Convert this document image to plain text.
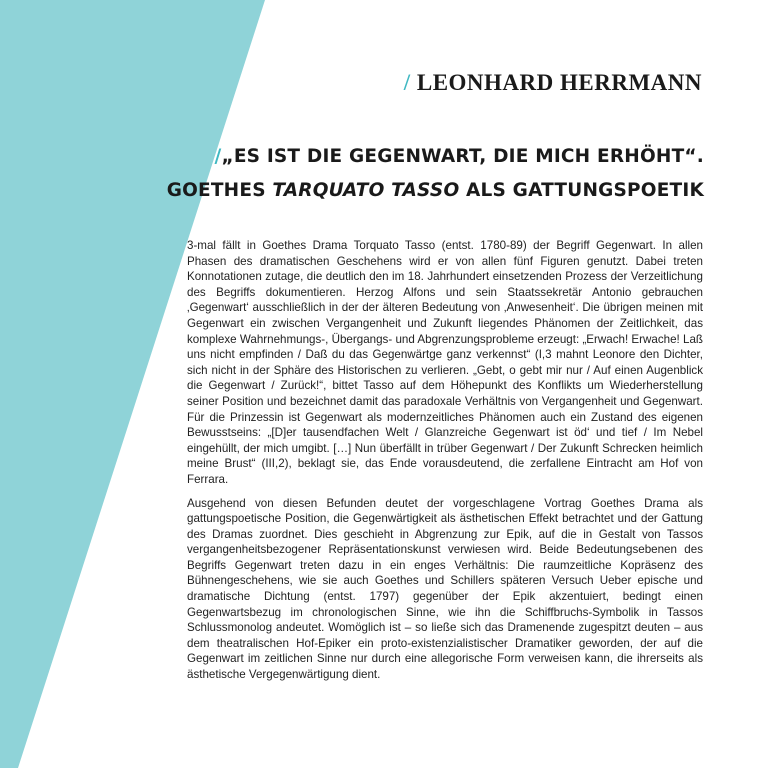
/ LEONHARD HERRMANN
/„ES IST DIE GEGENWART, DIE MICH ERHÖHT“.
GOETHES TARQUATO TASSO ALS GATTUNGSPOETIK

3-mal fällt in Goethes Drama Torquato Tasso (entst. 1780-89) der Begriff Gegenwart. In allen Phasen des dramatischen Geschehens wird er von allen fünf Figuren genutzt. Dabei treten Konnotationen zutage, die deutlich den im 18. Jahrhundert einsetzenden Prozess der Verzeitlichung des Begriffs dokumentieren. Herzog Alfons und sein Staatssekretär Antonio gebrauchen ‚Gegenwart‘ ausschließlich in der der älteren Bedeutung von ‚Anwesenheit‘. Die übrigen meinen mit Gegenwart ein zwischen Vergangenheit und Zukunft liegendes Phänomen der Zeitlichkeit, das komplexe Wahrnehmungs-, Übergangs- und Abgrenzungsprobleme erzeugt: „Erwach! Erwache! Laß uns nicht empfinden / Daß du das Gegenwärtge ganz verkennst“ (I,3 mahnt Leonore den Dichter, sich nicht in der Sphäre des Historischen zu verlieren. „Gebt, o gebt mir nur / Auf einen Augenblick die Gegenwart / Zurück!“, bittet Tasso auf dem Höhepunkt des Konflikts um Wiederherstellung seiner Position und bezeichnet damit das paradoxale Verhältnis von Vergangenheit und Gegenwart. Für die Prinzessin ist Gegenwart als modernzeitliches Phänomen auch ein Zustand des eigenen Bewusstseins: „[D]er tausendfachen Welt / Glanzreiche Gegenwart ist öd‘ und tief / Im Nebel eingehüllt, der mich umgibt. […] Nun überfällt in trüber Gegenwart / Der Zukunft Schrecken heimlich meine Brust“ (III,2), beklagt sie, das Ende vorausdeutend, die zerfallene Eintracht am Hof von Ferrara.

Ausgehend von diesen Befunden deutet der vorgeschlagene Vortrag Goethes Drama als gattungspoetische Position, die Gegenwärtigkeit als ästhetischen Effekt betrachtet und der Gattung des Dramas zuordnet. Dies geschieht in Abgrenzung zur Epik, auf die in Gestalt von Tassos vergangenheitsbezogener Repräsentationskunst verwiesen wird. Beide Bedeutungsebenen des Begriffs Gegenwart treten dazu in ein enges Verhältnis: Die raumzeitliche Kopräsenz des Bühnengeschehens, wie sie auch Goethes und Schillers späteren Versuch Ueber epische und dramatische Dichtung (entst. 1797) gegenüber der Epik akzentuiert, bedingt einen Gegenwartsbezug im chronologischen Sinne, wie ihn die Schiffbruchs-Symbolik in Tassos Schlussmonolog andeutet. Womöglich ist – so ließe sich das Dramenende zugespitzt deuten – aus dem theatralischen Hof-Epiker ein proto-existenzialistischer Dramatiker geworden, der auf die Gegenwart im zeitlichen Sinne nur durch eine allegorische Form verweisen kann, die ihrerseits als ästhetische Vergegenwärtigung dient.
